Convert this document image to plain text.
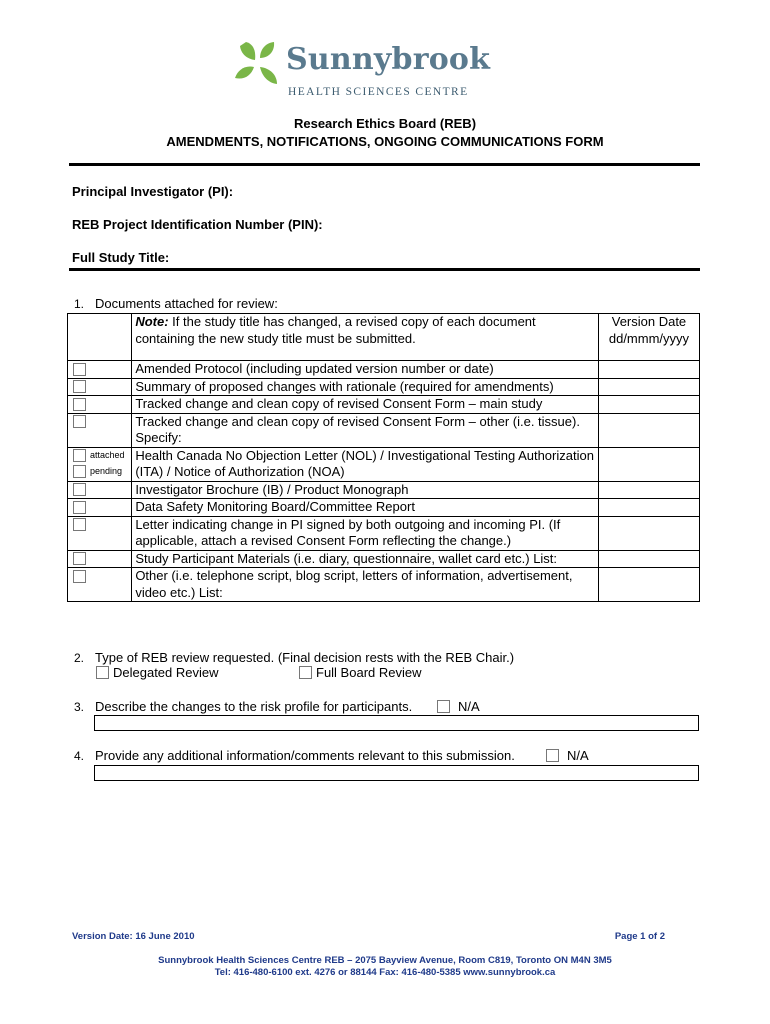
Sunnybrook
HEALTH SCIENCES CENTRE
Research Ethics Board (REB)
AMENDMENTS, NOTIFICATIONS, ONGOING COMMUNICATIONS FORM
Principal Investigator (PI):
REB Project Identification Number (PIN):
Full Study Title:
1. Documents attached for review:
	Note: If the study title has changed, a revised copy of each document containing the new study title must be submitted.	Version Date
dd/mmm/yyyy

	Amended Protocol (including updated version number or date)	

	Summary of proposed changes with rationale (required for amendments)	

	Tracked change and clean copy of revised Consent Form – main study	

	Tracked change and clean copy of revised Consent Form – other (i.e. tissue). Specify:	

attached
pending	Health Canada No Objection Letter (NOL) / Investigational Testing Authorization (ITA) / Notice of Authorization (NOA)	

	Investigator Brochure (IB) / Product Monograph	

	Data Safety Monitoring Board/Committee Report	

	Letter indicating change in PI signed by both outgoing and incoming PI. (If applicable, attach a revised Consent Form reflecting the change.)	

	Study Participant Materials (i.e. diary, questionnaire, wallet card etc.) List:	

	Other (i.e. telephone script, blog script, letters of information, advertisement, video etc.) List:	
2. Type of REB review requested. (Final decision rests with the REB Chair.)
Delegated Review	Full Board Review
3. Describe the changes to the risk profile for participants.	N/A
4. Provide any additional information/comments relevant to this submission.	N/A
Version Date: 16 June 2010	Page 1 of 2
Sunnybrook Health Sciences Centre REB – 2075 Bayview Avenue, Room C819, Toronto ON M4N 3M5
Tel: 416-480-6100 ext. 4276 or 88144 Fax: 416-480-5385 www.sunnybrook.ca
